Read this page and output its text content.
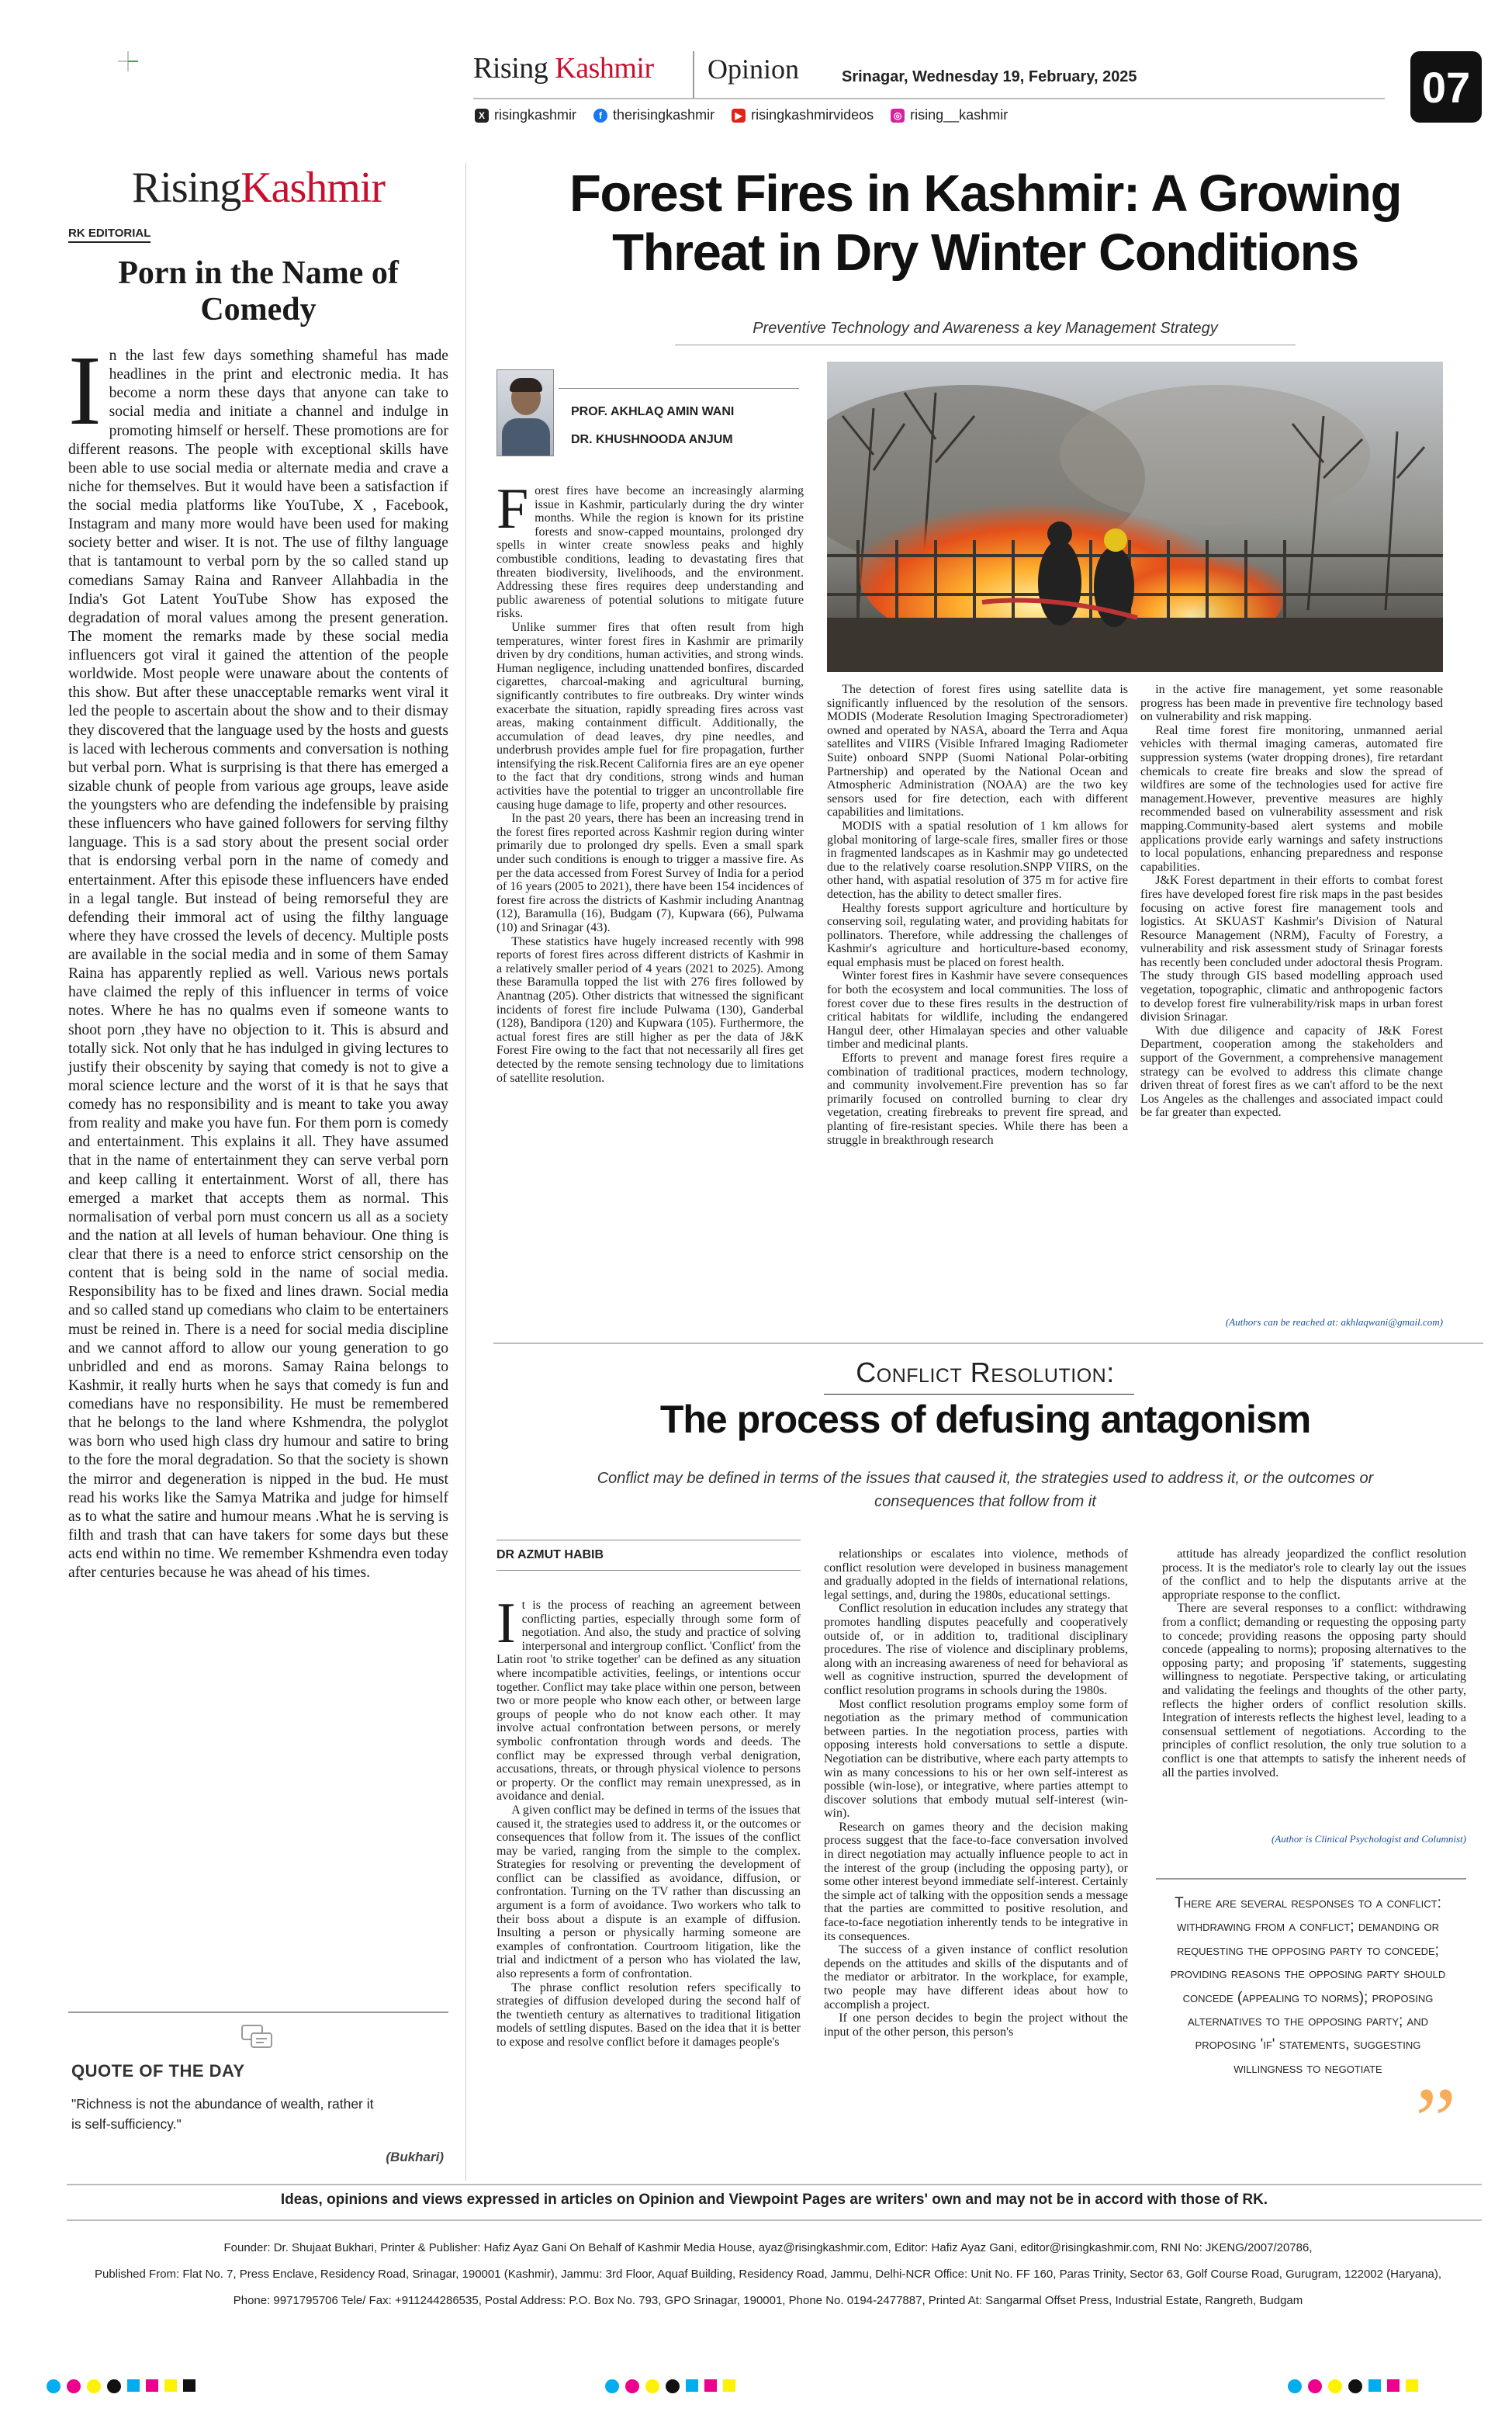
Rising Kashmir Opinion	Srinagar, Wednesday 19, February, 2025
X risingkashmir	f therisingkashmir	▶ risingkashmirvideos	◎ rising__kashmir
07
RisingKashmir
RK EDITORIAL
Porn in the Name of Comedy
In the last few days something shameful has made headlines in the print and electronic media. It has become a norm these days that anyone can take to social media and initiate a channel and indulge in promoting himself or herself. These promotions are for different reasons. The people with exceptional skills have been able to use social media or alternate media and crave a niche for themselves. But it would have been a satisfaction if the social media platforms like YouTube, X , Facebook, Instagram and many more would have been used for making society better and wiser. It is not. The use of filthy language that is tantamount to verbal porn by the so called stand up comedians Samay Raina and Ranveer Allahbadia in the India's Got Latent YouTube Show has exposed the degradation of moral values among the present generation. The moment the remarks made by these social media influencers got viral it gained the attention of the people worldwide. Most people were unaware about the contents of this show. But after these unacceptable remarks went viral it led the people to ascertain about the show and to their dismay they discovered that the language used by the hosts and guests is laced with lecherous comments and conversation is nothing but verbal porn. What is surprising is that there has emerged a sizable chunk of people from various age groups, leave aside the youngsters who are defending the indefensible by praising these influencers who have gained followers for serving filthy language. This is a sad story about the present social order that is endorsing verbal porn in the name of comedy and entertainment. After this episode these influencers have ended in a legal tangle. But instead of being remorseful they are defending their immoral act of using the filthy language where they have crossed the levels of decency. Multiple posts are available in the social media and in some of them Samay Raina has apparently replied as well. Various news portals have claimed the reply of this influencer in terms of voice notes. Where he has no qualms even if someone wants to shoot porn ,they have no objection to it. This is absurd and totally sick. Not only that he has indulged in giving lectures to justify their obscenity by saying that comedy is not to give a moral science lecture and the worst of it is that he says that comedy has no responsibility and is meant to take you away from reality and make you have fun. For them porn is comedy and entertainment. This explains it all. They have assumed that in the name of entertainment they can serve verbal porn and keep calling it entertainment. Worst of all, there has emerged a market that accepts them as normal. This normalisation of verbal porn must concern us all as a society and the nation at all levels of human behaviour. One thing is clear that there is a need to enforce strict censorship on the content that is being sold in the name of social media. Responsibility has to be fixed and lines drawn. Social media and so called stand up comedians who claim to be entertainers must be reined in. There is a need for social media discipline and we cannot afford to allow our young generation to go unbridled and end as morons. Samay Raina belongs to Kashmir, it really hurts when he says that comedy is fun and comedians have no responsibility. He must be remembered that he belongs to the land where Kshmendra, the polyglot was born who used high class dry humour and satire to bring to the fore the moral degradation. So that the society is shown the mirror and degeneration is nipped in the bud. He must read his works like the Samya Matrika and judge for himself as to what the satire and humour means .What he is serving is filth and trash that can have takers for some days but these acts end within no time. We remember Kshmendra even today after centuries because he was ahead of his times.
QUOTE OF THE DAY
"Richness is not the abundance of wealth, rather it is self-sufficiency."
(Bukhari)
Forest Fires in Kashmir: A Growing Threat in Dry Winter Conditions
Preventive Technology and Awareness a key Management Strategy
PROF. AKHLAQ AMIN WANI
DR. KHUSHNOODA ANJUM
F orest fires have become an increasingly alarming issue in Kashmir, particularly during the dry winter months. While the region is known for its pristine forests and snow-capped mountains, prolonged dry spells in winter create snowless peaks and highly combustible conditions, leading to devastating fires that threaten biodiversity, livelihoods, and the environment. Addressing these fires requires deep understanding and public awareness of potential solutions to mitigate future risks.

Unlike summer fires that often result from high temperatures, winter forest fires in Kashmir are primarily driven by dry conditions, human activities, and strong winds. Human negligence, including unattended bonfires, discarded cigarettes, charcoal-making and agricultural burning, significantly contributes to fire outbreaks. Dry winter winds exacerbate the situation, rapidly spreading fires across vast areas, making containment difficult. Additionally, the accumulation of dead leaves, dry pine needles, and underbrush provides ample fuel for fire propagation, further intensifying the risk.Recent California fires are an eye opener to the fact that dry conditions, strong winds and human activities have the potential to trigger an uncontrollable fire causing huge damage to life, property and other resources.

In the past 20 years, there has been an increasing trend in the forest fires reported across Kashmir region during winter primarily due to prolonged dry spells. Even a small spark under such conditions is enough to trigger a massive fire. As per the data accessed from Forest Survey of India for a period of 16 years (2005 to 2021), there have been 154 incidences of forest fire across the districts of Kashmir including Anantnag (12), Baramulla (16), Budgam (7), Kupwara (66), Pulwama (10) and Srinagar (43).

These statistics have hugely increased recently with 998 reports of forest fires across different districts of Kashmir in a relatively smaller period of 4 years (2021 to 2025). Among these Baramulla topped the list with 276 fires followed by Anantnag (205). Other districts that witnessed the significant incidents of forest fire include Pulwama (130), Ganderbal (128), Bandipora (120) and Kupwara (105). Furthermore, the actual forest fires are still higher as per the data of J&K Forest Fire owing to the fact that not necessarily all fires get detected by the remote sensing technology due to limitations of satellite resolution.

The detection of forest fires using satellite data is significantly influenced by the resolution of the sensors. MODIS (Moderate Resolution Imaging Spectroradiometer) owned and operated by NASA, aboard the Terra and Aqua satellites and VIIRS (Visible Infrared Imaging Radiometer Suite) onboard SNPP (Suomi National Polar-orbiting Partnership) and operated by the National Ocean and Atmospheric Administration (NOAA) are the two key sensors used for fire detection, each with different capabilities and limitations.

MODIS with a spatial resolution of 1 km allows for global monitoring of large-scale fires, smaller fires or those in fragmented landscapes as in Kashmir may go undetected due to the relatively coarse resolution.SNPP VIIRS, on the other hand, with aspatial resolution of 375 m for active fire detection, has the ability to detect smaller fires.

Healthy forests support agriculture and horticulture by conserving soil, regulating water, and providing habitats for pollinators. Therefore, while addressing the challenges of Kashmir's agriculture and horticulture-based economy, equal emphasis must be placed on forest health.

Winter forest fires in Kashmir have severe consequences for both the ecosystem and local communities. The loss of forest cover due to these fires results in the destruction of critical habitats for wildlife, including the endangered Hangul deer, other Himalayan species and other valuable timber and medicinal plants.

Efforts to prevent and manage forest fires require a combination of traditional practices, modern technology, and community involvement.Fire prevention has so far primarily focused on controlled burning to clear dry vegetation, creating firebreaks to prevent fire spread, and planting of fire-resistant species. While there has been a struggle in breakthrough research

in the active fire management, yet some reasonable progress has been made in preventive fire technology based on vulnerability and risk mapping.

Real time forest fire monitoring, unmanned aerial vehicles with thermal imaging cameras, automated fire suppression systems (water dropping drones), fire retardant chemicals to create fire breaks and slow the spread of wildfires are some of the technologies used for active fire management.However, preventive measures are highly recommended based on vulnerability assessment and risk mapping.Community-based alert systems and mobile applications provide early warnings and safety instructions to local populations, enhancing preparedness and response capabilities.

J&K Forest department in their efforts to combat forest fires have developed forest fire risk maps in the past besides focusing on active forest fire management tools and logistics. At SKUAST Kashmir's Division of Natural Resource Management (NRM), Faculty of Forestry, a vulnerability and risk assessment study of Srinagar forests has recently been concluded under adoctoral thesis Program. The study through GIS based modelling approach used vegetation, topographic, climatic and anthropogenic factors to develop forest fire vulnerability/risk maps in urban forest division Srinagar.

With due diligence and capacity of J&K Forest Department, cooperation among the stakeholders and support of the Government, a comprehensive management strategy can be evolved to address this climate change driven threat of forest fires as we can't afford to be the next Los Angeles as the challenges and associated impact could be far greater than expected.

(Authors can be reached at: akhlaqwani@gmail.com)
Conflict Resolution:
The process of defusing antagonism
Conflict may be defined in terms of the issues that caused it, the strategies used to address it, or the outcomes or consequences that follow from it
DR AZMUT HABIB
I t is the process of reaching an agreement between conflicting parties, especially through some form of negotiation. And also, the study and practice of solving interpersonal and intergroup conflict. 'Conflict' from the Latin root 'to strike together' can be defined as any situation where incompatible activities, feelings, or intentions occur together. Conflict may take place within one person, between two or more people who know each other, or between large groups of people who do not know each other. It may involve actual confrontation between persons, or merely symbolic confrontation through words and deeds. The conflict may be expressed through verbal denigration, accusations, threats, or through physical violence to persons or property. Or the conflict may remain unexpressed, as in avoidance and denial.

A given conflict may be defined in terms of the issues that caused it, the strategies used to address it, or the outcomes or consequences that follow from it. The issues of the conflict may be varied, ranging from the simple to the complex. Strategies for resolving or preventing the development of conflict can be classified as avoidance, diffusion, or confrontation. Turning on the TV rather than discussing an argument is a form of avoidance. Two workers who talk to their boss about a dispute is an example of diffusion. Insulting a person or physically harming someone are examples of confrontation. Courtroom litigation, like the trial and indictment of a person who has violated the law, also represents a form of confrontation.

The phrase conflict resolution refers specifically to strategies of diffusion developed during the second half of the twentieth century as alternatives to traditional litigation models of settling disputes. Based on the idea that it is better to expose and resolve conflict before it damages people's

relationships or escalates into violence, methods of conflict resolution were developed in business management and gradually adopted in the fields of international relations, legal settings, and, during the 1980s, educational settings.

Conflict resolution in education includes any strategy that promotes handling disputes peacefully and cooperatively outside of, or in addition to, traditional disciplinary procedures. The rise of violence and disciplinary problems, along with an increasing awareness of need for behavioral as well as cognitive instruction, spurred the development of conflict resolution programs in schools during the 1980s.

Most conflict resolution programs employ some form of negotiation as the primary method of communication between parties. In the negotiation process, parties with opposing interests hold conversations to settle a dispute. Negotiation can be distributive, where each party attempts to win as many concessions to his or her own self-interest as possible (win-lose), or integrative, where parties attempt to discover solutions that embody mutual self-interest (win-win).

Research on games theory and the decision making process suggest that the face-to-face conversation involved in direct negotiation may actually influence people to act in the interest of the group (including the opposing party), or some other interest beyond immediate self-interest. Certainly the simple act of talking with the opposition sends a message that the parties are committed to positive resolution, and face-to-face negotiation inherently tends to be integrative in its consequences.

The success of a given instance of conflict resolution depends on the attitudes and skills of the disputants and of the mediator or arbitrator. In the workplace, for example, two people may have different ideas about how to accomplish a project.

If one person decides to begin the project without the input of the other person, this person's

attitude has already jeopardized the conflict resolution process. It is the mediator's role to clearly lay out the issues of the conflict and to help the disputants arrive at the appropriate response to the conflict.

There are several responses to a conflict: withdrawing from a conflict; demanding or requesting the opposing party to concede; providing reasons the opposing party should concede (appealing to norms); proposing alternatives to the opposing party; and proposing 'if' statements, suggesting willingness to negotiate. Perspective taking, or articulating and validating the feelings and thoughts of the other party, reflects the higher orders of conflict resolution skills. Integration of interests reflects the highest level, leading to a consensual settlement of negotiations. According to the principles of conflict resolution, the only true solution to a conflict is one that attempts to satisfy the inherent needs of all the parties involved.

(Author is Clinical Psychologist and Columnist)
There are several responses to a conflict: withdrawing from a conflict; demanding or requesting the opposing party to concede; providing reasons the opposing party should concede (appealing to norms); proposing alternatives to the opposing party; and proposing 'if' statements, suggesting willingness to negotiate ”
Ideas, opinions and views expressed in articles on Opinion and Viewpoint Pages are writers' own and may not be in accord with those of RK.
Founder: Dr. Shujaat Bukhari, Printer & Publisher: Hafiz Ayaz Gani On Behalf of Kashmir Media House, ayaz@risingkashmir.com, Editor: Hafiz Ayaz Gani, editor@risingkashmir.com, RNI No: JKENG/2007/20786,
Published From: Flat No. 7, Press Enclave, Residency Road, Srinagar, 190001 (Kashmir), Jammu: 3rd Floor, Aquaf Building, Residency Road, Jammu, Delhi-NCR Office: Unit No. FF 160, Paras Trinity, Sector 63, Golf Course Road, Gurugram, 122002 (Haryana),
Phone: 9971795706 Tele/ Fax: +911244286535, Postal Address: P.O. Box No. 793, GPO Srinagar, 190001, Phone No. 0194-2477887, Printed At: Sangarmal Offset Press, Industrial Estate, Rangreth, Budgam
